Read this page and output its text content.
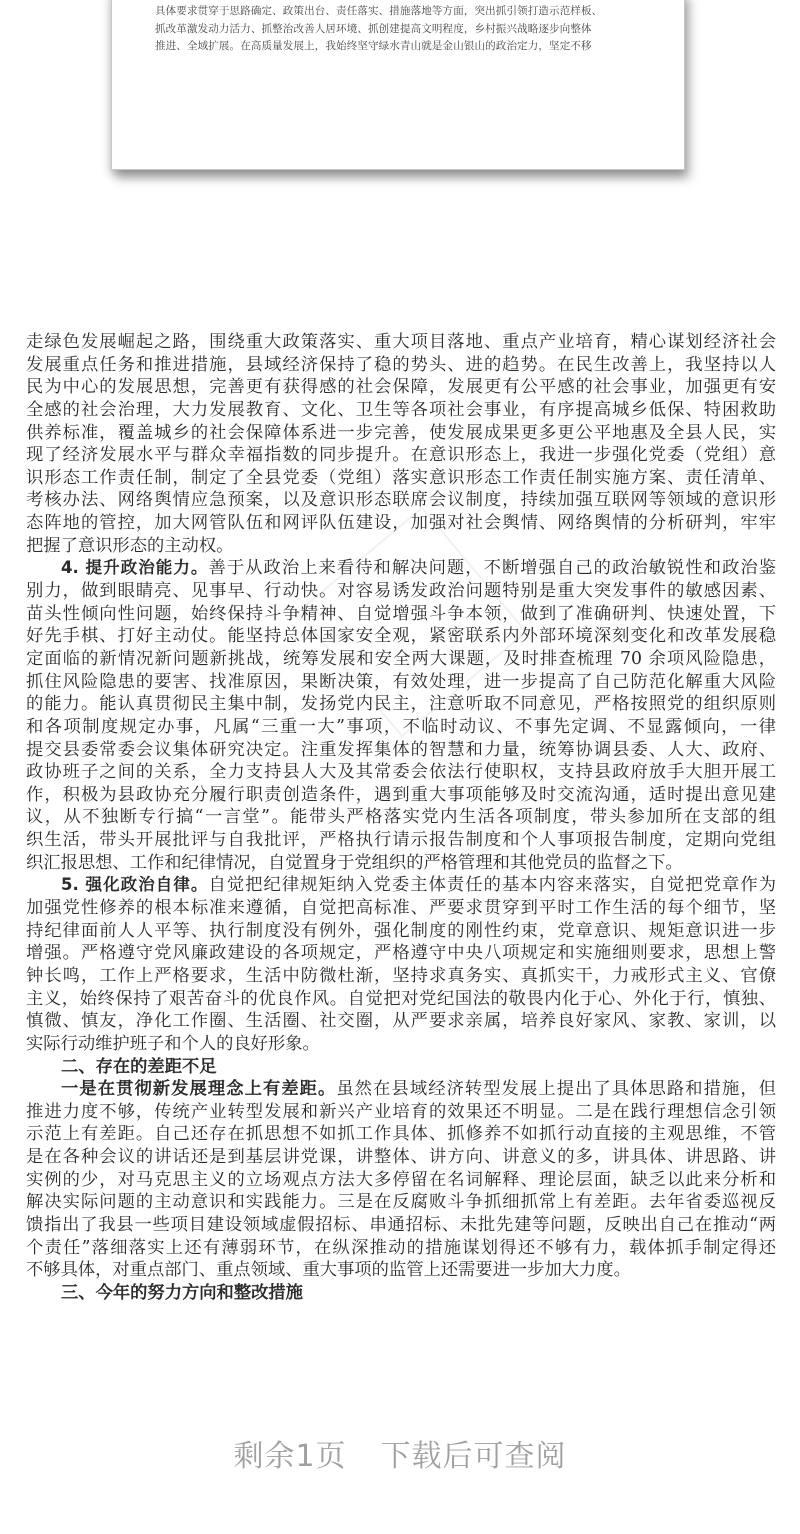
具体要求贯穿于思路确定、政策出台、责任落实、措施落地等方面，突出抓引领打造示范样板、
抓改革激发动力活力、抓整治改善人居环境、抓创建提高文明程度，乡村振兴战略逐步向整体
推进、全域扩展。在高质量发展上，我始终坚守绿水青山就是金山银山的政治定力，坚定不移
走绿色发展崛起之路，围绕重大政策落实、重大项目落地、重点产业培育，精心谋划经济社会
发展重点任务和推进措施，县域经济保持了稳的势头、进的趋势。在民生改善上，我坚持以人
民为中心的发展思想，完善更有获得感的社会保障，发展更有公平感的社会事业，加强更有安
全感的社会治理，大力发展教育、文化、卫生等各项社会事业，有序提高城乡低保、特困救助
供养标准，覆盖城乡的社会保障体系进一步完善，使发展成果更多更公平地惠及全县人民，实
现了经济发展水平与群众幸福指数的同步提升。在意识形态上，我进一步强化党委（党组）意
识形态工作责任制，制定了全县党委（党组）落实意识形态工作责任制实施方案、责任清单、
考核办法、网络舆情应急预案，以及意识形态联席会议制度，持续加强互联网等领域的意识形
态阵地的管控，加大网管队伍和网评队伍建设，加强对社会舆情、网络舆情的分析研判，牢牢
把握了意识形态的主动权。
4. 提升政治能力。善于从政治上来看待和解决问题，不断增强自己的政治敏锐性和政治鉴
别力，做到眼睛亮、见事早、行动快。对容易诱发政治问题特别是重大突发事件的敏感因素、
苗头性倾向性问题，始终保持斗争精神、自觉增强斗争本领，做到了准确研判、快速处置，下
好先手棋、打好主动仗。能坚持总体国家安全观，紧密联系内外部环境深刻变化和改革发展稳
定面临的新情况新问题新挑战，统筹发展和安全两大课题，及时排查梳理 70 余项风险隐患，
抓住风险隐患的要害、找准原因，果断决策，有效处理，进一步提高了自己防范化解重大风险
的能力。能认真贯彻民主集中制，发扬党内民主，注意听取不同意见，严格按照党的组织原则
和各项制度规定办事，凡属“三重一大”事项，不临时动议、不事先定调、不显露倾向，一律
提交县委常委会议集体研究决定。注重发挥集体的智慧和力量，统筹协调县委、人大、政府、
政协班子之间的关系，全力支持县人大及其常委会依法行使职权，支持县政府放手大胆开展工
作，积极为县政协充分履行职责创造条件，遇到重大事项能够及时交流沟通，适时提出意见建
议，从不独断专行搞“一言堂”。能带头严格落实党内生活各项制度，带头参加所在支部的组
织生活，带头开展批评与自我批评，严格执行请示报告制度和个人事项报告制度，定期向党组
织汇报思想、工作和纪律情况，自觉置身于党组织的严格管理和其他党员的监督之下。
5. 强化政治自律。自觉把纪律规矩纳入党委主体责任的基本内容来落实，自觉把党章作为
加强党性修养的根本标准来遵循，自觉把高标准、严要求贯穿到平时工作生活的每个细节，坚
持纪律面前人人平等、执行制度没有例外，强化制度的刚性约束，党章意识、规矩意识进一步
增强。严格遵守党风廉政建设的各项规定，严格遵守中央八项规定和实施细则要求，思想上警
钟长鸣，工作上严格要求，生活中防微杜渐，坚持求真务实、真抓实干，力戒形式主义、官僚
主义，始终保持了艰苦奋斗的优良作风。自觉把对党纪国法的敬畏内化于心、外化于行，慎独、
慎微、慎友，净化工作圈、生活圈、社交圈，从严要求亲属，培养良好家风、家教、家训，以
实际行动维护班子和个人的良好形象。
二、存在的差距不足
一是在贯彻新发展理念上有差距。虽然在县域经济转型发展上提出了具体思路和措施，但
推进力度不够，传统产业转型发展和新兴产业培育的效果还不明显。二是在践行理想信念引领
示范上有差距。自己还存在抓思想不如抓工作具体、抓修养不如抓行动直接的主观思维，不管
是在各种会议的讲话还是到基层讲党课，讲整体、讲方向、讲意义的多，讲具体、讲思路、讲
实例的少，对马克思主义的立场观点方法大多停留在名词解释、理论层面，缺乏以此来分析和
解决实际问题的主动意识和实践能力。三是在反腐败斗争抓细抓常上有差距。去年省委巡视反
馈指出了我县一些项目建设领域虚假招标、串通招标、未批先建等问题，反映出自己在推动“两
个责任”落细落实上还有薄弱环节，在纵深推动的措施谋划得还不够有力，载体抓手制定得还
不够具体，对重点部门、重点领域、重大事项的监管上还需要进一步加大力度。
三、今年的努力方向和整改措施
剩余1页 下载后可查阅
